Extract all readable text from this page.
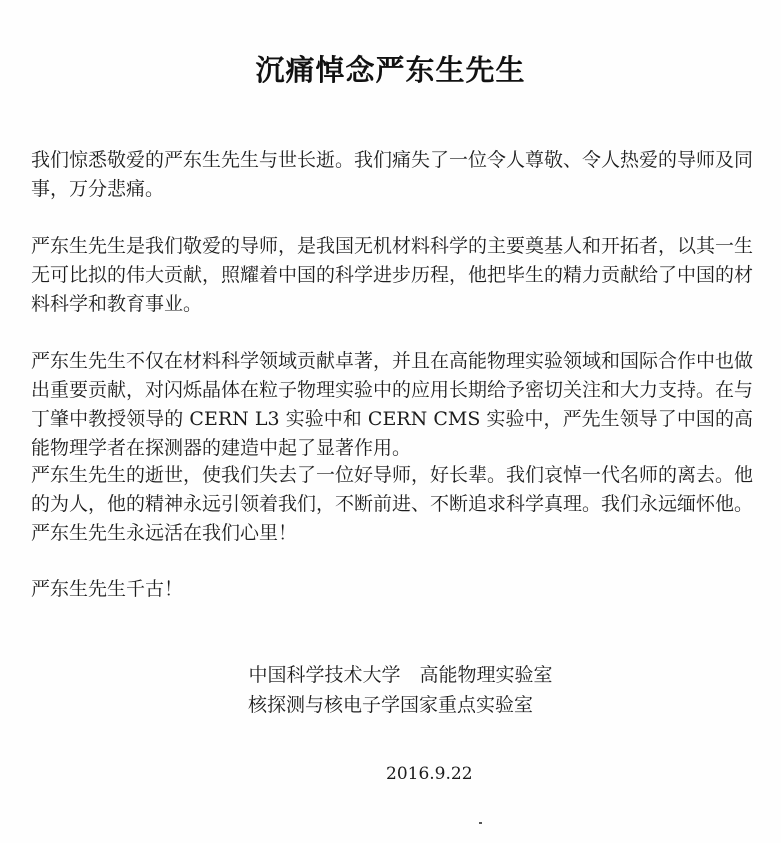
沉痛悼念严东生先生
我们惊悉敬爱的严东生先生与世长逝。我们痛失了一位令人尊敬、令人热爱的导师及同事，万分悲痛。
严东生先生是我们敬爱的导师，是我国无机材料科学的主要奠基人和开拓者，以其一生无可比拟的伟大贡献，照耀着中国的科学进步历程，他把毕生的精力贡献给了中国的材料科学和教育事业。
严东生先生不仅在材料科学领域贡献卓著，并且在高能物理实验领域和国际合作中也做出重要贡献，对闪烁晶体在粒子物理实验中的应用长期给予密切关注和大力支持。在与丁肇中教授领导的 CERN L3 实验中和 CERN CMS 实验中，严先生领导了中国的高能物理学者在探测器的建造中起了显著作用。
严东生先生的逝世，使我们失去了一位好导师，好长辈。我们哀悼一代名师的离去。他的为人，他的精神永远引领着我们，不断前进、不断追求科学真理。我们永远缅怀他。严东生先生永远活在我们心里！
严东生先生千古！
中国科学技术大学　高能物理实验室
核探测与核电子学国家重点实验室
2016.9.22
